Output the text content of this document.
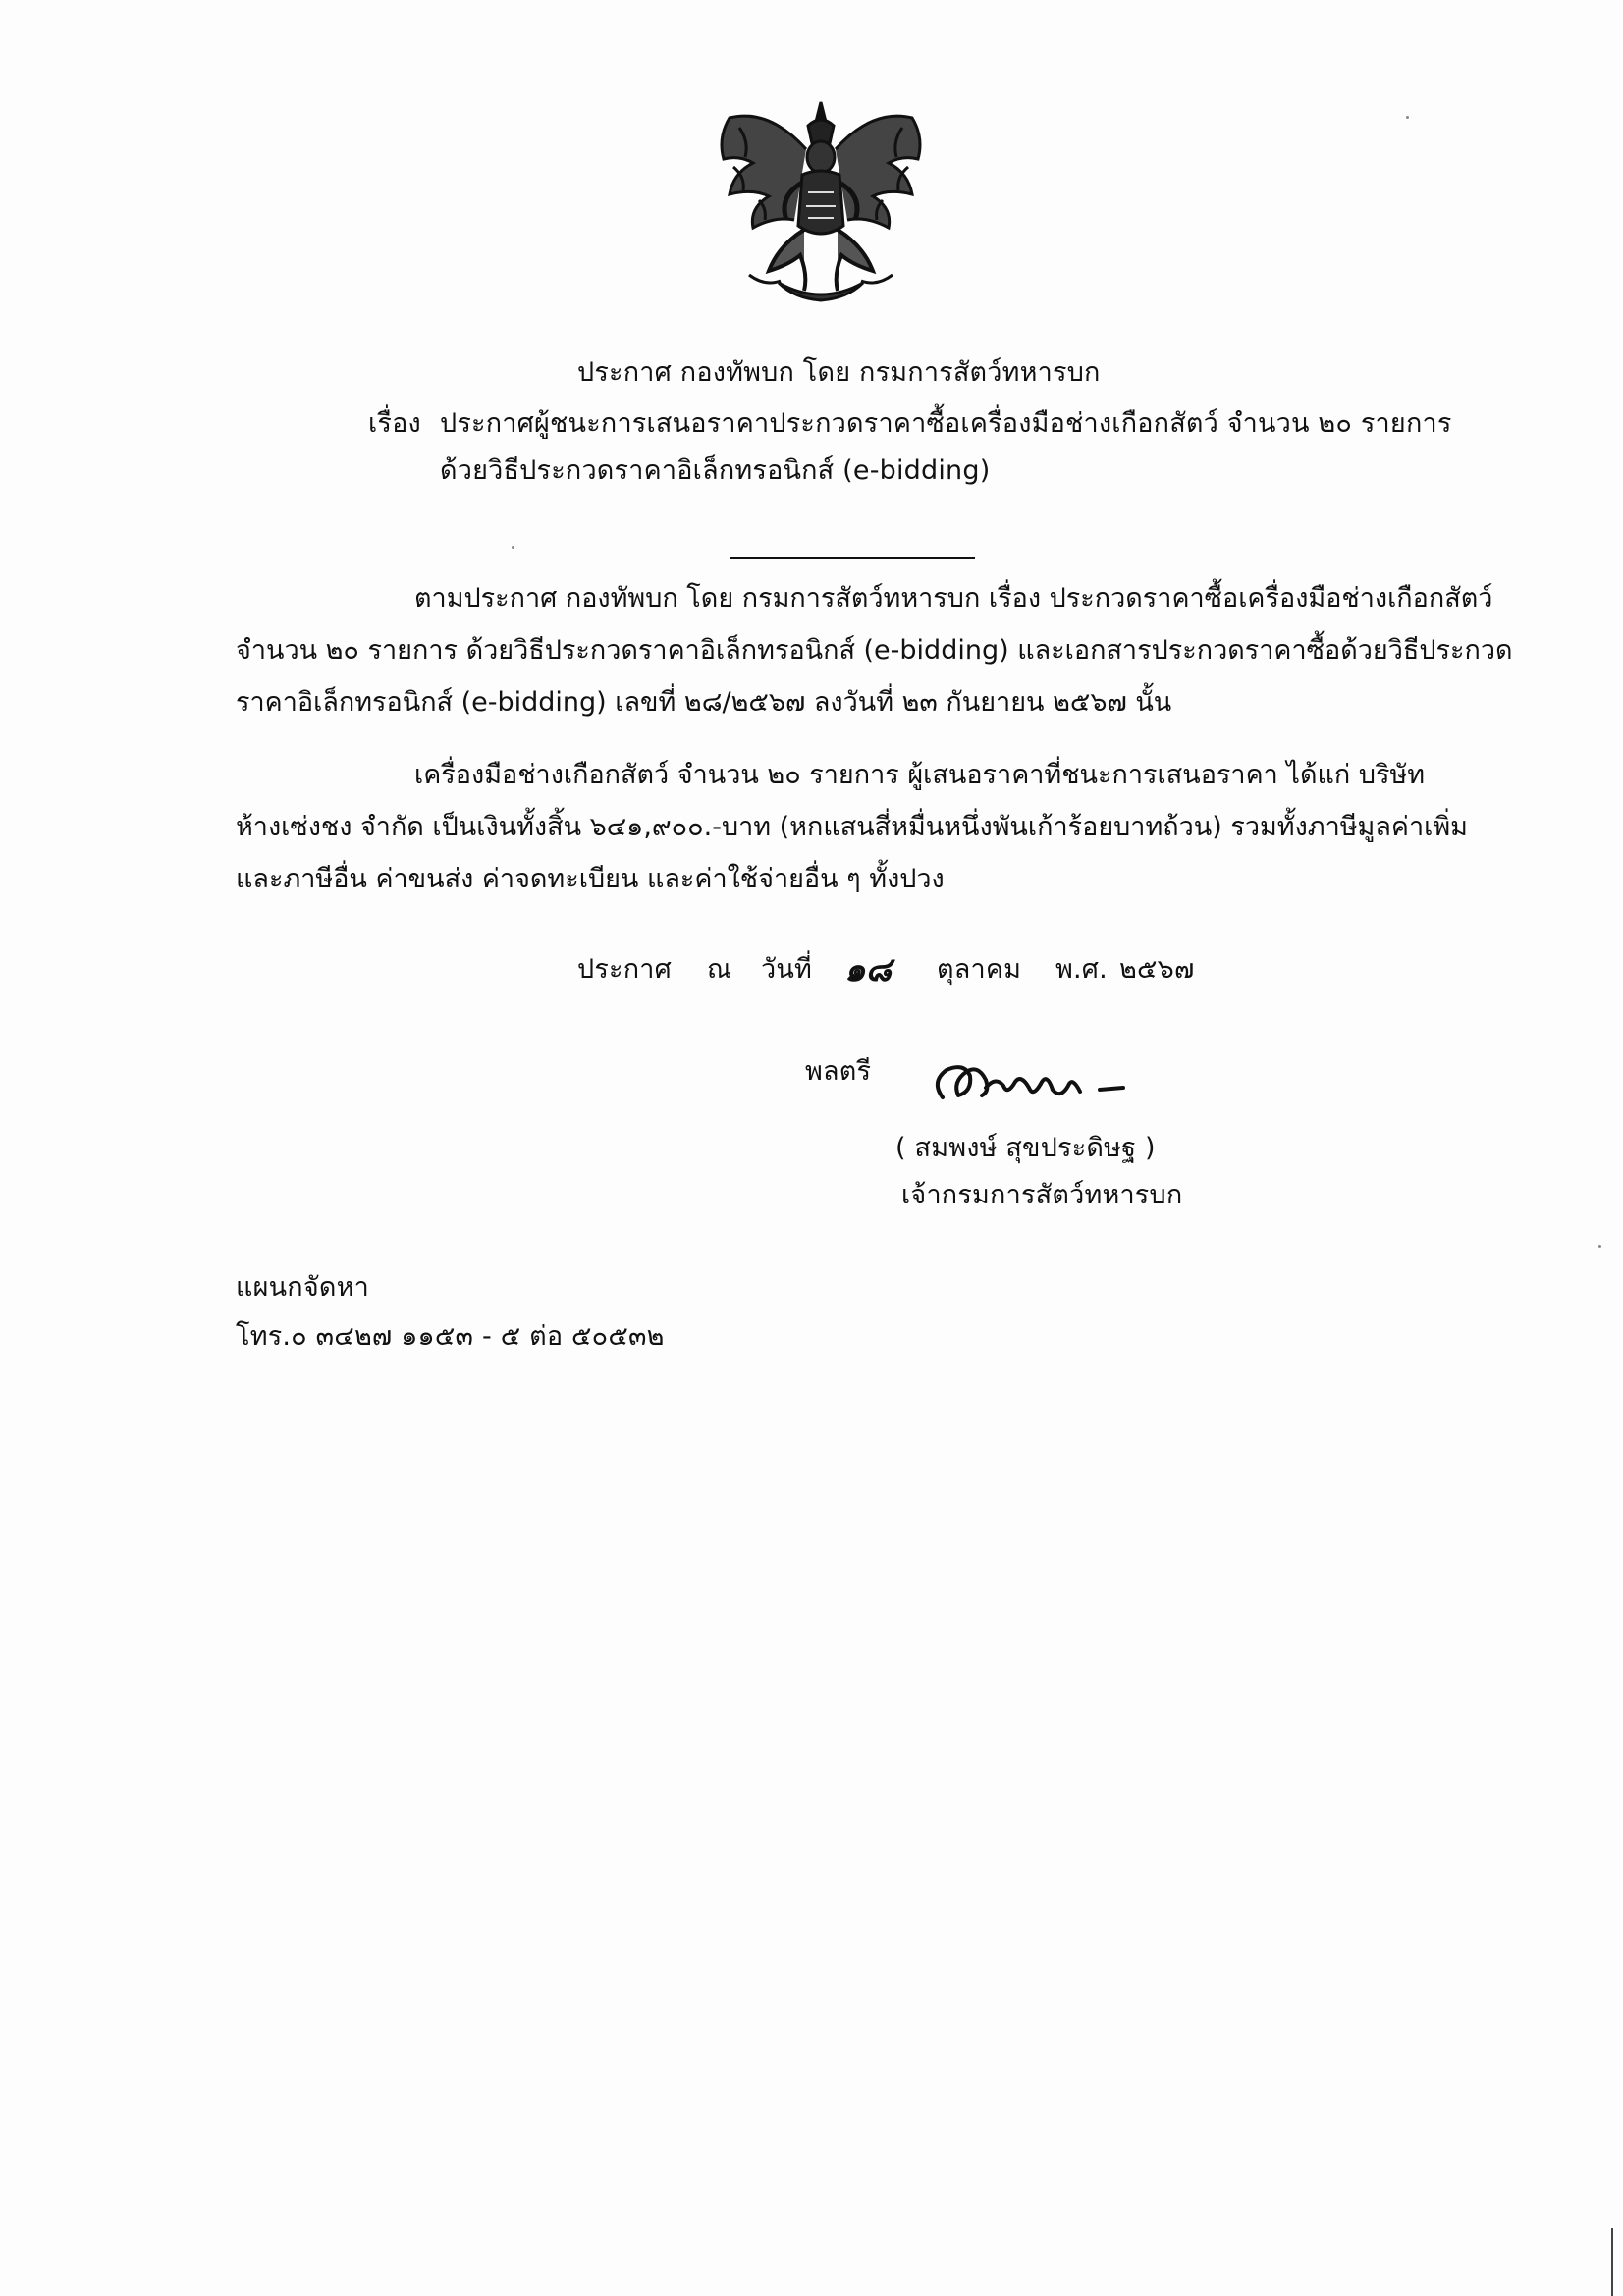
ประกาศ กองทัพบก โดย กรมการสัตว์ทหารบก
เรื่อง ประกาศผู้ชนะการเสนอราคาประกวดราคาซื้อเครื่องมือช่างเกือกสัตว์ จำนวน ๒๐ รายการ
ด้วยวิธีประกวดราคาอิเล็กทรอนิกส์ (e-bidding)
ตามประกาศ กองทัพบก โดย กรมการสัตว์ทหารบก เรื่อง ประกวดราคาซื้อเครื่องมือช่างเกือกสัตว์
จำนวน ๒๐ รายการ ด้วยวิธีประกวดราคาอิเล็กทรอนิกส์ (e-bidding) และเอกสารประกวดราคาซื้อด้วยวิธีประกวด
ราคาอิเล็กทรอนิกส์ (e-bidding) เลขที่ ๒๘/๒๕๖๗ ลงวันที่ ๒๓ กันยายน ๒๕๖๗ นั้น
เครื่องมือช่างเกือกสัตว์ จำนวน ๒๐ รายการ ผู้เสนอราคาที่ชนะการเสนอราคา ได้แก่ บริษัท
ห้างเซ่งชง จำกัด เป็นเงินทั้งสิ้น ๖๔๑,๙๐๐.-บาท (หกแสนสี่หมื่นหนึ่งพันเก้าร้อยบาทถ้วน) รวมทั้งภาษีมูลค่าเพิ่ม
และภาษีอื่น ค่าขนส่ง ค่าจดทะเบียน และค่าใช้จ่ายอื่น ๆ ทั้งปวง
ประกาศ ณ วันที่ ๑๘ ตุลาคม พ.ศ. ๒๕๖๗
พลตรี
( สมพงษ์ สุขประดิษฐ )
เจ้ากรมการสัตว์ทหารบก
แผนกจัดหา
โทร.๐ ๓๔๒๗ ๑๑๕๓ - ๕ ต่อ ๕๐๕๓๒
